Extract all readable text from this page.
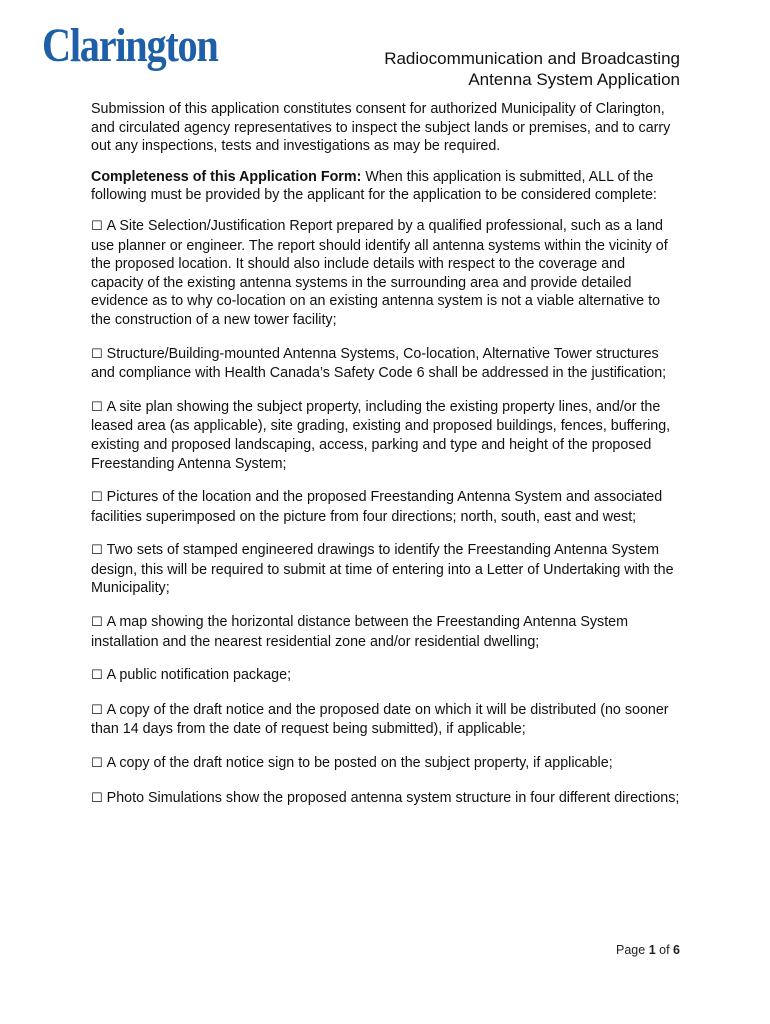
Clarington	Radiocommunication and Broadcasting
Antenna System Application

Submission of this application constitutes consent for authorized Municipality of Clarington, and circulated agency representatives to inspect the subject lands or premises, and to carry out any inspections, tests and investigations as may be required.

Completeness of this Application Form: When this application is submitted, ALL of the following must be provided by the applicant for the application to be considered complete:

☐ A Site Selection/Justification Report prepared by a qualified professional, such as a land use planner or engineer. The report should identify all antenna systems within the vicinity of the proposed location. It should also include details with respect to the coverage and capacity of the existing antenna systems in the surrounding area and provide detailed evidence as to why co-location on an existing antenna system is not a viable alternative to the construction of a new tower facility;

☐ Structure/Building-mounted Antenna Systems, Co-location, Alternative Tower structures and compliance with Health Canada’s Safety Code 6 shall be addressed in the justification;

☐ A site plan showing the subject property, including the existing property lines, and/or the leased area (as applicable), site grading, existing and proposed buildings, fences, buffering, existing and proposed landscaping, access, parking and type and height of the proposed Freestanding Antenna System;

☐ Pictures of the location and the proposed Freestanding Antenna System and associated facilities superimposed on the picture from four directions; north, south, east and west;

☐ Two sets of stamped engineered drawings to identify the Freestanding Antenna System design, this will be required to submit at time of entering into a Letter of Undertaking with the Municipality;

☐ A map showing the horizontal distance between the Freestanding Antenna System installation and the nearest residential zone and/or residential dwelling;

☐ A public notification package;

☐ A copy of the draft notice and the proposed date on which it will be distributed (no sooner than 14 days from the date of request being submitted), if applicable;

☐ A copy of the draft notice sign to be posted on the subject property, if applicable;

☐ Photo Simulations show the proposed antenna system structure in four different directions;

Page 1 of 6
